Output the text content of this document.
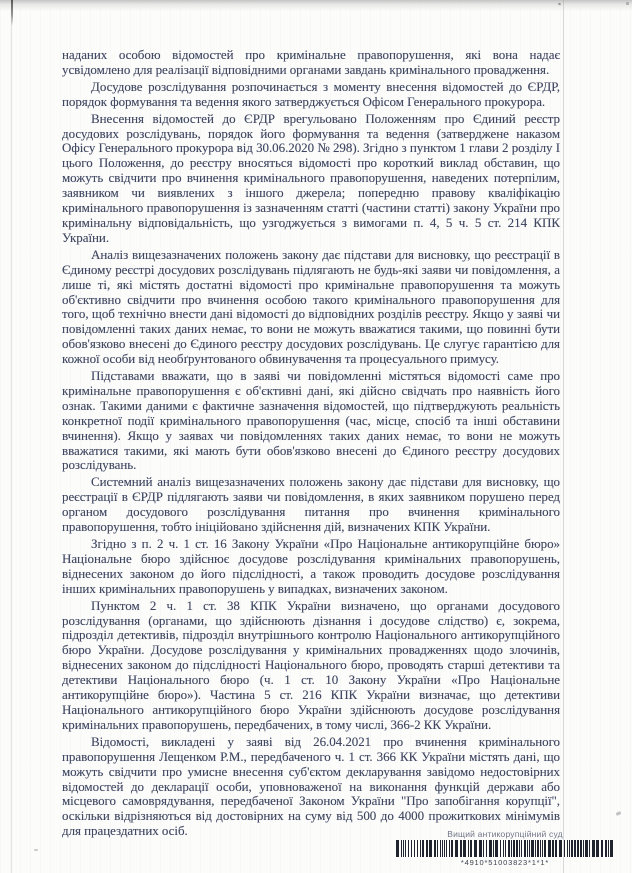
наданих особою відомостей про кримінальне правопорушення, які вона надає усвідомлено для реалізації відповідними органами завдань кримінального провадження.
Досудове розслідування розпочинається з моменту внесення відомостей до ЄРДР, порядок формування та ведення якого затверджується Офісом Генерального прокурора.
Внесення відомостей до ЄРДР врегульовано Положенням про Єдиний реєстр досудових розслідувань, порядок його формування та ведення (затверджене наказом Офісу Генерального прокурора від 30.06.2020 № 298). Згідно з пунктом 1 глави 2 розділу І цього Положення, до реєстру вносяться відомості про короткий виклад обставин, що можуть свідчити про вчинення кримінального правопорушення, наведених потерпілим, заявником чи виявлених з іншого джерела; попередню правову кваліфікацію кримінального правопорушення із зазначенням статті (частини статті) закону України про кримінальну відповідальність, що узгоджується з вимогами п. 4, 5 ч. 5 ст. 214 КПК України.
Аналіз вищезазначених положень закону дає підстави для висновку, що реєстрації в Єдиному реєстрі досудових розслідувань підлягають не будь-які заяви чи повідомлення, а лише ті, які містять достатні відомості про кримінальне правопорушення та можуть об'єктивно свідчити про вчинення особою такого кримінального правопорушення для того, щоб технічно внести дані відомості до відповідних розділів реєстру. Якщо у заяві чи повідомленні таких даних немає, то вони не можуть вважатися такими, що повинні бути обов'язково внесені до Єдиного реєстру досудових розслідувань. Це слугує гарантією для кожної особи від необґрунтованого обвинувачення та процесуального примусу.
Підставами вважати, що в заяві чи повідомленні містяться відомості саме про кримінальне правопорушення є об'єктивні дані, які дійсно свідчать про наявність його ознак. Такими даними є фактичне зазначення відомостей, що підтверджують реальність конкретної події кримінального правопорушення (час, місце, спосіб та інші обставини вчинення). Якщо у заявах чи повідомленнях таких даних немає, то вони не можуть вважатися такими, які мають бути обов'язково внесені до Єдиного реєстру досудових розслідувань.
Системний аналіз вищезазначених положень закону дає підстави для висновку, що реєстрації в ЄРДР підлягають заяви чи повідомлення, в яких заявником порушено перед органом досудового розслідування питання про вчинення кримінального правопорушення, тобто ініційовано здійснення дій, визначених КПК України.
Згідно з п. 2 ч. 1 ст. 16 Закону України «Про Національне антикорупційне бюро» Національне бюро здійснює досудове розслідування кримінальних правопорушень, віднесених законом до його підслідності, а також проводить досудове розслідування інших кримінальних правопорушень у випадках, визначених законом.
Пунктом 2 ч. 1 ст. 38 КПК України визначено, що органами досудового розслідування (органами, що здійснюють дізнання і досудове слідство) є, зокрема, підрозділ детективів, підрозділ внутрішнього контролю Національного антикорупційного бюро України. Досудове розслідування у кримінальних провадженнях щодо злочинів, віднесених законом до підслідності Національного бюро, проводять старші детективи та детективи Національного бюро (ч. 1 ст. 10 Закону України «Про Національне антикорупційне бюро»). Частина 5 ст. 216 КПК України визначає, що детективи Національного антикорупційного бюро України здійснюють досудове розслідування кримінальних правопорушень, передбачених, в тому числі, 366-2 КК України.
Відомості, викладені у заяві від 26.04.2021 про вчинення кримінального правопорушення Лещенком Р.М., передбаченого ч. 1 ст. 366 КК України містять дані, що можуть свідчити про умисне внесення суб'єктом декларування завідомо недостовірних відомостей до декларації особи, уповноваженої на виконання функцій держави або місцевого самоврядування, передбаченої Законом України "Про запобігання корупції", оскільки відрізняються від достовірних на суму від 500 до 4000 прожиткових мінімумів для працездатних осіб.	Вищий антикорупційний суд
*4910*51003823*1*1*
